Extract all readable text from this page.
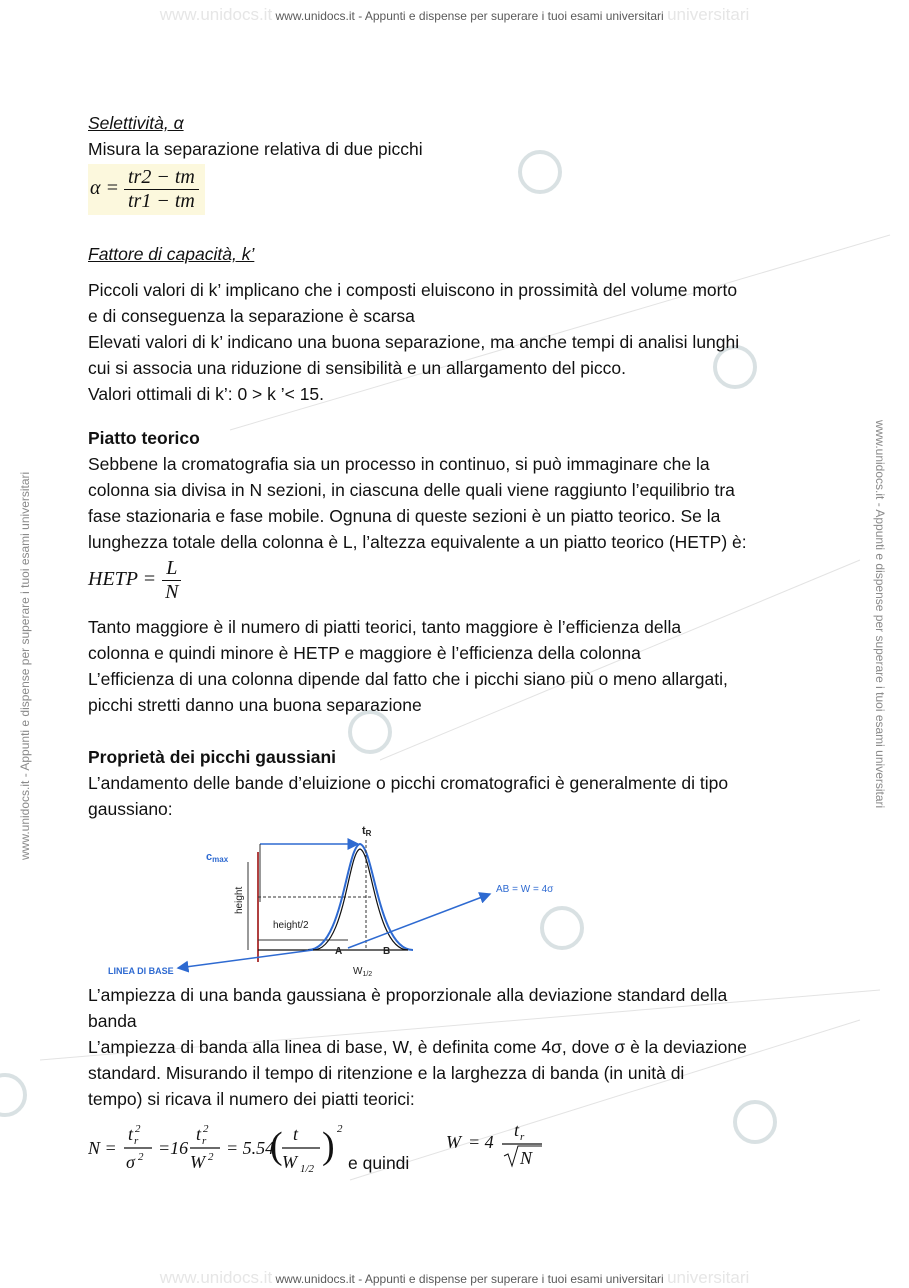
www.unidocs.it www.unidocs.it - Appunti e dispense per superare i tuoi esami universitari universitari
www.unidocs.it www.unidocs.it - Appunti e dispense per superare i tuoi esami universitari universitari
www.unidocs.it - Appunti e dispense per superare i tuoi esami universitari	www.unidocs.it - Appunti e dispense per superare i tuoi esami universitari

Selettività, α

Misura la separazione relativa di due picchi

$\alpha = \frac{tr2 - tm}{tr1 - tm}$

Fattore di capacità, k’

Piccoli valori di k’ implicano che i composti eluiscono in prossimità del volume morto

e di conseguenza la separazione è scarsa

Elevati valori di k’ indicano una buona separazione, ma anche tempi di analisi lunghi

cui si associa una riduzione di sensibilità e un allargamento del picco.

Valori ottimali di k’: 0 > k ’< 15.

Piatto teorico

Sebbene la cromatografia sia un processo in continuo, si può immaginare che la

colonna sia divisa in N sezioni, in ciascuna delle quali viene raggiunto l’equilibrio tra

fase stazionaria e fase mobile. Ognuna di queste sezioni è un piatto teorico. Se la

lunghezza totale della colonna è L, l’altezza equivalente a un piatto teorico (HETP) è:

HETP = $\frac{L}{N}$

Tanto maggiore è il numero di piatti teorici, tanto maggiore è l’efficienza della

colonna e quindi minore è HETP e maggiore è l’efficienza della colonna

L’efficienza di una colonna dipende dal fatto che i picchi siano più o meno allargati,

picchi stretti danno una buona separazione

Proprietà dei picchi gaussiani

L’andamento delle bande d’eluizione o picchi cromatografici è generalmente di tipo

gaussiano:

cmax
height
height/2
tR
A	B
$W_{1/2}$
AB = W = 4σ
LINEA DI BASE

L’ampiezza di una banda gaussiana è proporzionale alla deviazione standard della

banda

L’ampiezza di banda alla linea di base, W, è definita come 4σ, dove σ è la deviazione

standard. Misurando il tempo di ritenzione e la larghezza di banda (in unità di

tempo) si ricava il numero dei piatti teorici:

N =
t r
2
σ 2 =16
t r
2
W 2 = 5.54
( t
W 1/2
) 2
e quindi
W = 4
t r
N
